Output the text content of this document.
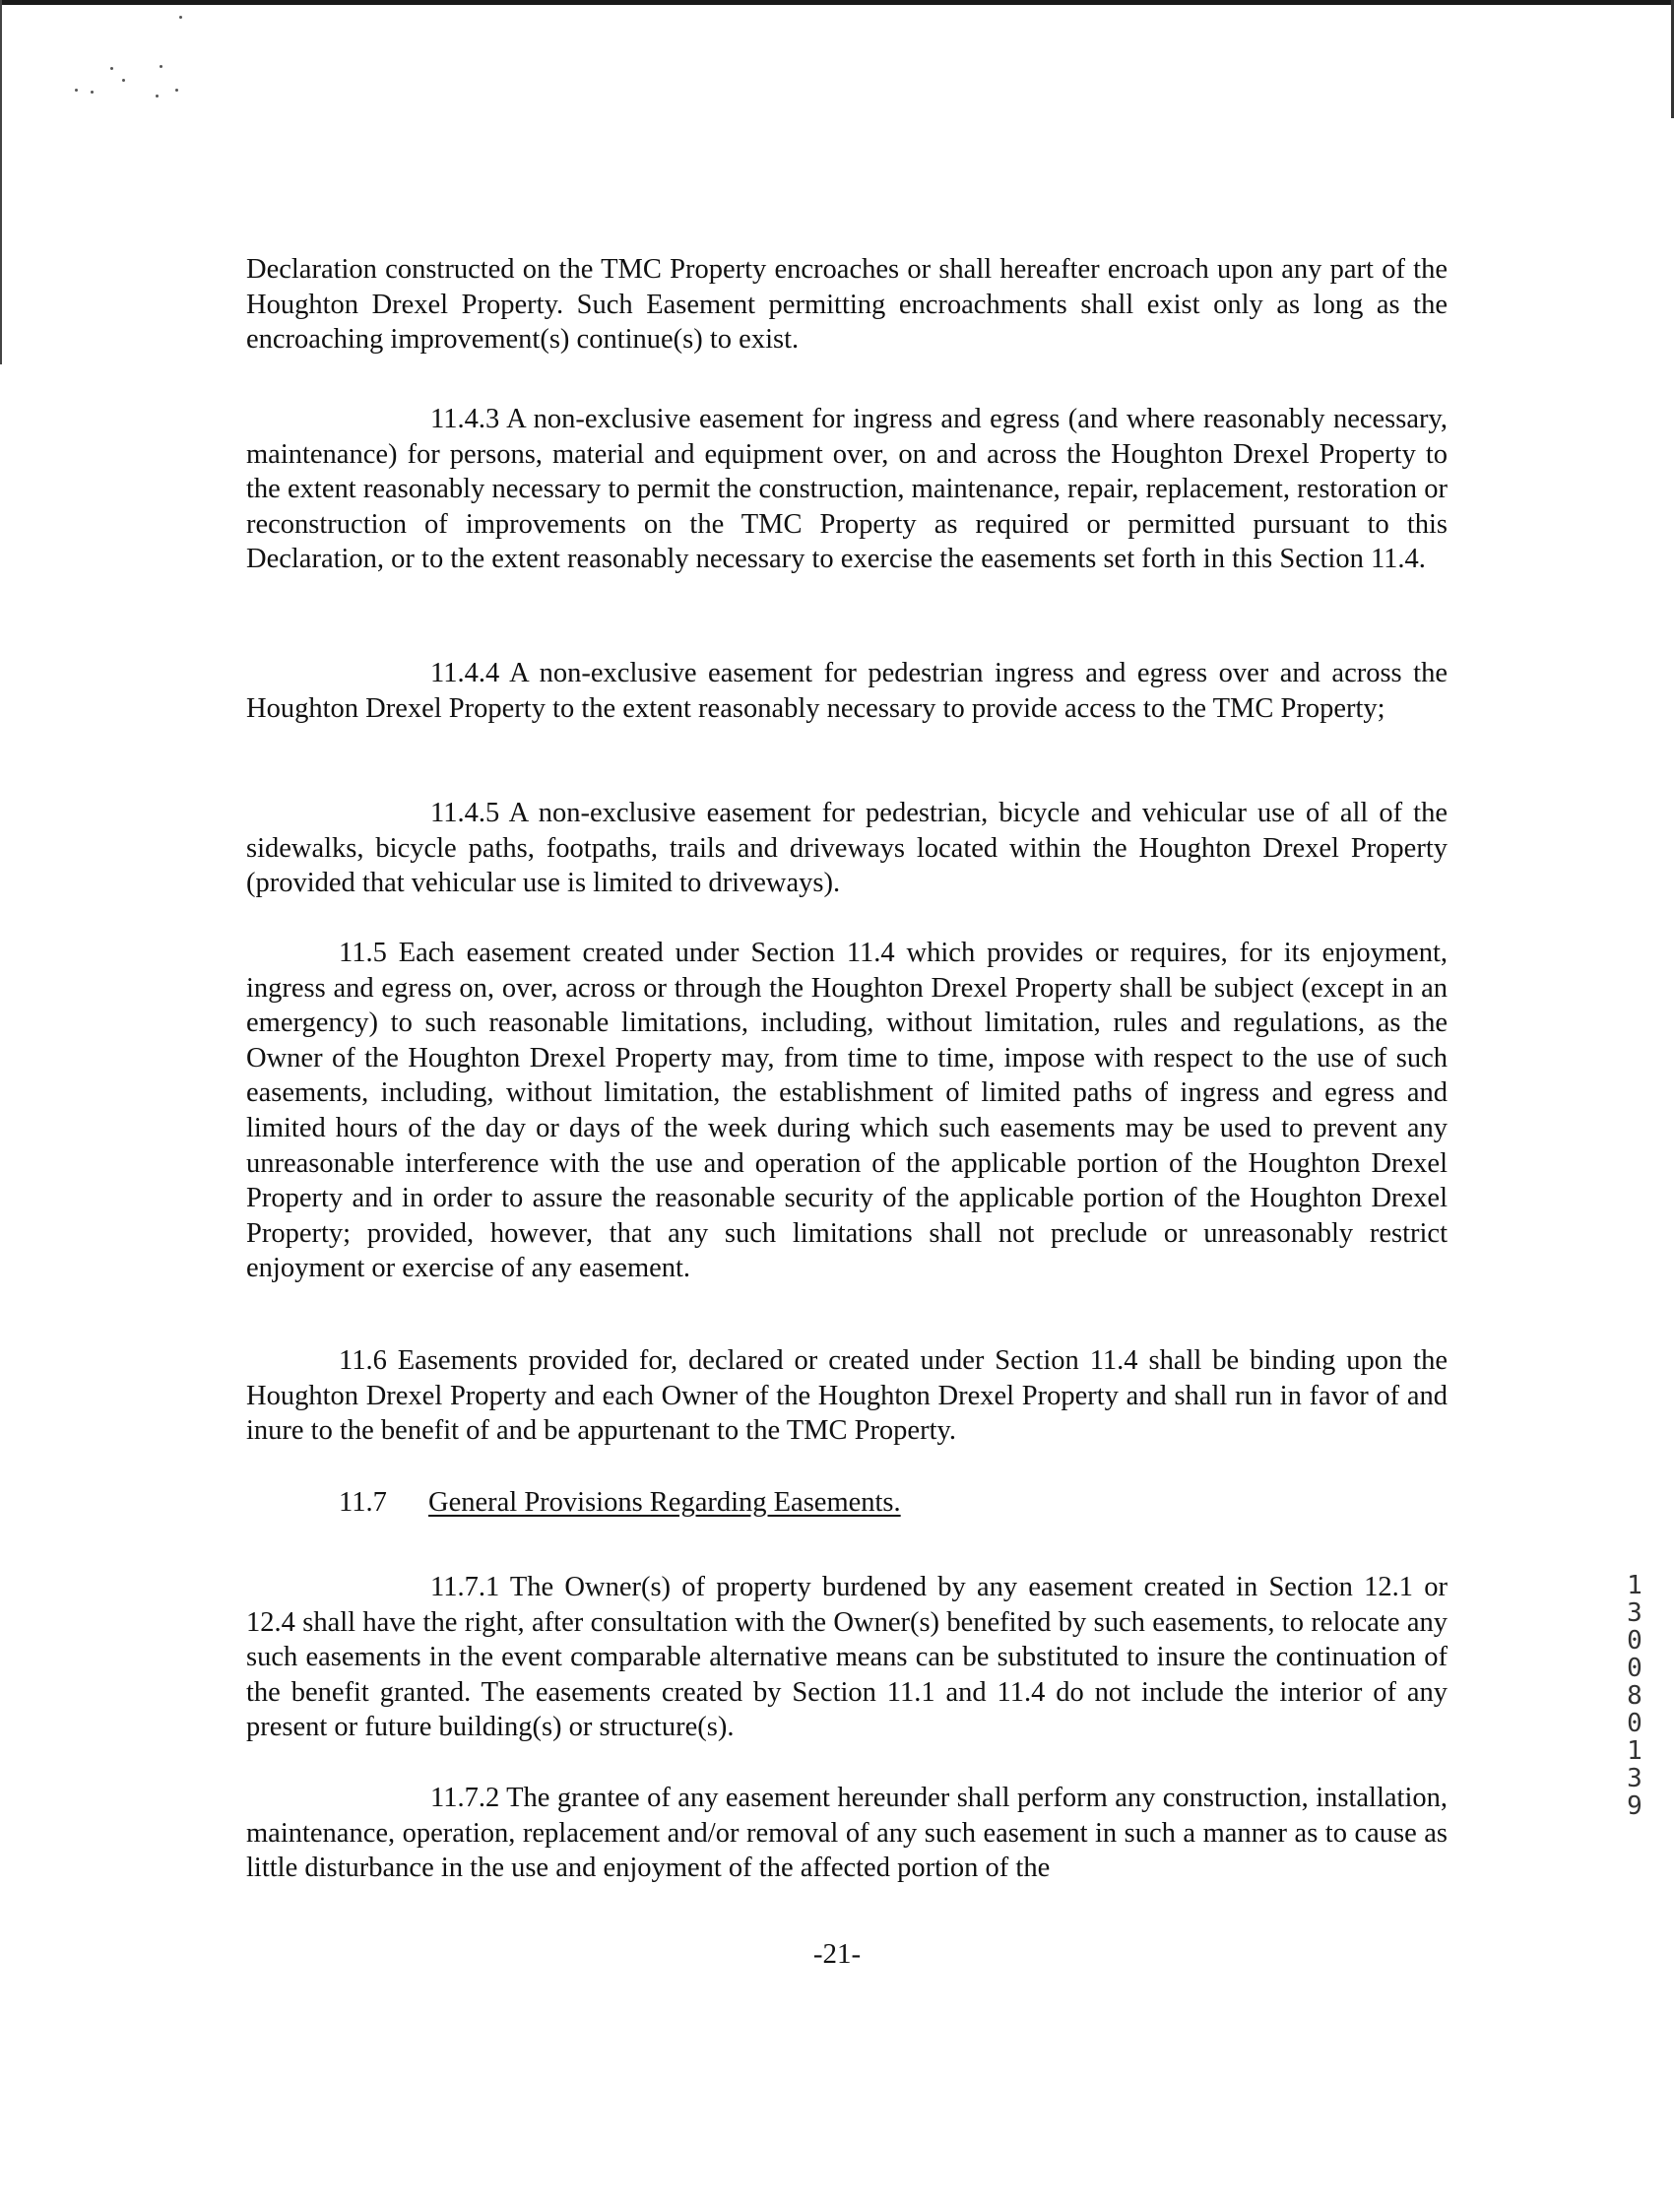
Declaration constructed on the TMC Property encroaches or shall hereafter encroach upon any part of the Houghton Drexel Property. Such Easement permitting encroachments shall exist only as long as the encroaching improvement(s) continue(s) to exist.

11.4.3 A non-exclusive easement for ingress and egress (and where reasonably necessary, maintenance) for persons, material and equipment over, on and across the Houghton Drexel Property to the extent reasonably necessary to permit the construction, maintenance, repair, replacement, restoration or reconstruction of improvements on the TMC Property as required or permitted pursuant to this Declaration, or to the extent reasonably necessary to exercise the easements set forth in this Section 11.4.

11.4.4 A non-exclusive easement for pedestrian ingress and egress over and across the Houghton Drexel Property to the extent reasonably necessary to provide access to the TMC Property;

11.4.5 A non-exclusive easement for pedestrian, bicycle and vehicular use of all of the sidewalks, bicycle paths, footpaths, trails and driveways located within the Houghton Drexel Property (provided that vehicular use is limited to driveways).

11.5 Each easement created under Section 11.4 which provides or requires, for its enjoyment, ingress and egress on, over, across or through the Houghton Drexel Property shall be subject (except in an emergency) to such reasonable limitations, including, without limitation, rules and regulations, as the Owner of the Houghton Drexel Property may, from time to time, impose with respect to the use of such easements, including, without limitation, the establishment of limited paths of ingress and egress and limited hours of the day or days of the week during which such easements may be used to prevent any unreasonable interference with the use and operation of the applicable portion of the Houghton Drexel Property and in order to assure the reasonable security of the applicable portion of the Houghton Drexel Property; provided, however, that any such limitations shall not preclude or unreasonably restrict enjoyment or exercise of any easement.

11.6 Easements provided for, declared or created under Section 11.4 shall be binding upon the Houghton Drexel Property and each Owner of the Houghton Drexel Property and shall run in favor of and inure to the benefit of and be appurtenant to the TMC Property.

11.7 General Provisions Regarding Easements.

11.7.1 The Owner(s) of property burdened by any easement created in Section 12.1 or 12.4 shall have the right, after consultation with the Owner(s) benefited by such easements, to relocate any such easements in the event comparable alternative means can be substituted to insure the continuation of the benefit granted. The easements created by Section 11.1 and 11.4 do not include the interior of any present or future building(s) or structure(s).

11.7.2 The grantee of any easement hereunder shall perform any construction, installation, maintenance, operation, replacement and/or removal of any such easement in such a manner as to cause as little disturbance in the use and enjoyment of the affected portion of the

-21-
13008 0139
